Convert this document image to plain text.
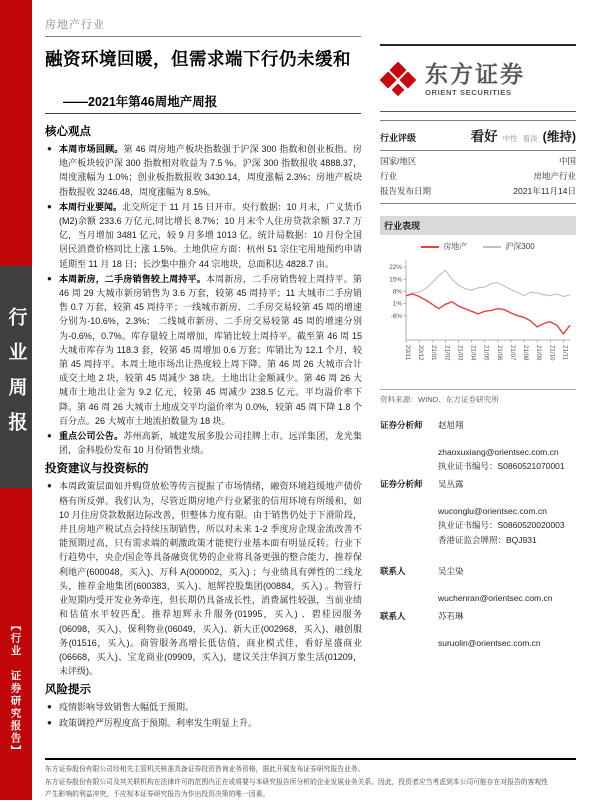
行业周报
【行业　证券研究报告】
房地产行业
融资环境回暖，但需求端下行仍未缓和
——2021年第46周地产周报
东方证券
ORIENT SECURITIES
核心观点
● 本周市场回顾。第 46 周房地产板块指数强于沪深 300 指数和创业板指。房地产板块较沪深 300 指数相对收益为 7.5 %。沪深 300 指数报收 4888.37，周度涨幅为 1.0%；创业板指数报收 3430.14，周度涨幅 2.3%；房地产板块指数报收 3246.48，周度涨幅为 8.5%。
● 本周行业要闻。北交所定于 11 月 15 日开市。央行数据：10 月末，广义货币(M2)余额 233.6 万亿元,同比增长 8.7%；10 月末个人住房贷款余额 37.7 万亿，当月增加 3481 亿元，较 9 月多增 1013 亿。统计局数据：10 月份全国居民消费价格同比上涨 1.5%。土地供应方面：杭州 51 宗住宅用地预约申请延期至 11 月 18 日；长沙集中推介 44 宗地块，总面积达 4828.7 亩。
● 本周新房，二手房销售较上周持平。本周新房，二手房销售较上周持平。第 46 周 29 大城市新房销售为 3.6 万套，较第 45 周持平；11 大城市二手房销售 0.7 万套，较第 45 周持平；一线城市新房、二手房交易较第 45 周的增速分别为-10.6%，2.3%； 二线城市新房、二手房交易较第 45 周的增速分别为-0.6%，0.7%。库存量较上周增加，库销比较上周持平。截至第 46 周 15 大城市库存为 118.3 套，较第 45 周增加 0.6 万套；库销比为 12.1 个月，较第 45 周持平。本周土地市场出让热度较上周下降。第 46 周 26 大城市合计成交土地 2 块，较第 45 周减少 38 块。土地出让金额减少。第 46 周 26 大城市土地出让金为 9.2 亿元，较第 45 周减少 238.5 亿元。平均溢价率下降。第 46 周 26 大城市土地成交平均溢价率为 0.0%，较第 45 周下降 1.8 个百分点。26 大城市土地流拍数量为 18 块。
● 重点公司公告。苏州高新，城建发展多股公司挂牌上市。远洋集团，龙光集团，金科股份发布 10 月份销售业绩。
投资建议与投资标的
● 本周政策层面如并购贷放松等传言提振了市场情绪，融资环境趋缓地产债价格有所反弹。我们认为，尽管近期房地产行业紧张的信用环境有所缓和，如 10 月住房贷款数据边际改善，但整体力度有限。由于销售仍处于下滑阶段，并且房地产税试点会持续压制销售，所以对未来 1-2 季度房企现金流改善不能预期过高，只有需求端的刺激政策才能使行业基本面有明显反转。行业下行趋势中，央企/国企等具备融资优势的企业将具备更强的整合能力，推荐保利地产(600048，买入)、万科 A(000002，买入) ；与业绩具有弹性的二线龙头，推荐金地集团(600383，买入)、旭辉控股集团(00884，买入) 。物管行业短期内受开发业务牵连，但长期仍具备成长性，消费属性较强，当前业绩和估值水平较匹配。推荐旭辉永升服务(01995，买入) 、碧桂园服务(06098，买入)、保利物业(06049，买入)、新大正(002968，买入)、融创服务(01516，买入)。商管服务高增长低估值，商业模式佳，看好星盛商业(06668，买入)、宝龙商业(09909，买入)，建议关注华润万象生活(01209，未评级)。
风险提示
● 疫情影响导致销售大幅低于预期。
● 政策调控严厉程度高于预期。利率发生明显上升。
行业评级	看好 中性 看淡 (维持)
国家/地区	中国
行业	房地产行业
报告发布日期	2021年11月14日
行业表现
房地产	沪深300
22%
15%
8%
1%
-6%
20/11 20/12 21/01 21/02 21/03 21/04 21/05 21/06 21/07 21/08 21/09 21/10 21/11
资料来源：WIND、东方证券研究所
证券分析师	赵旭翔
zhaoxuxiang@orientsec.com.cn
执业证书编号：S0860521070001
证券分析师	吴丛露
wuconglu@orientsec.com.cn
执业证书编号：S0860520020003
香港证监会牌照：BQJ931
联系人	吴尘染
wuchenran@orientsec.com.cn
联系人	苏若琳
suruolin@orientsec.com.cn
东方证券股份有限公司经相关主管机关核准具备证券投资咨询业务资格，据此开展发布证券研究报告业务。
东方证券股份有限公司及其关联机构在法律许可的范围内正在或将要与本研究报告所分析的企业发展业务关系。因此，投资者应当考虑到本公司可能存在对报告的客观性
产生影响的利益冲突，不应视本证券研究报告为作出投资决策的唯一因素。
